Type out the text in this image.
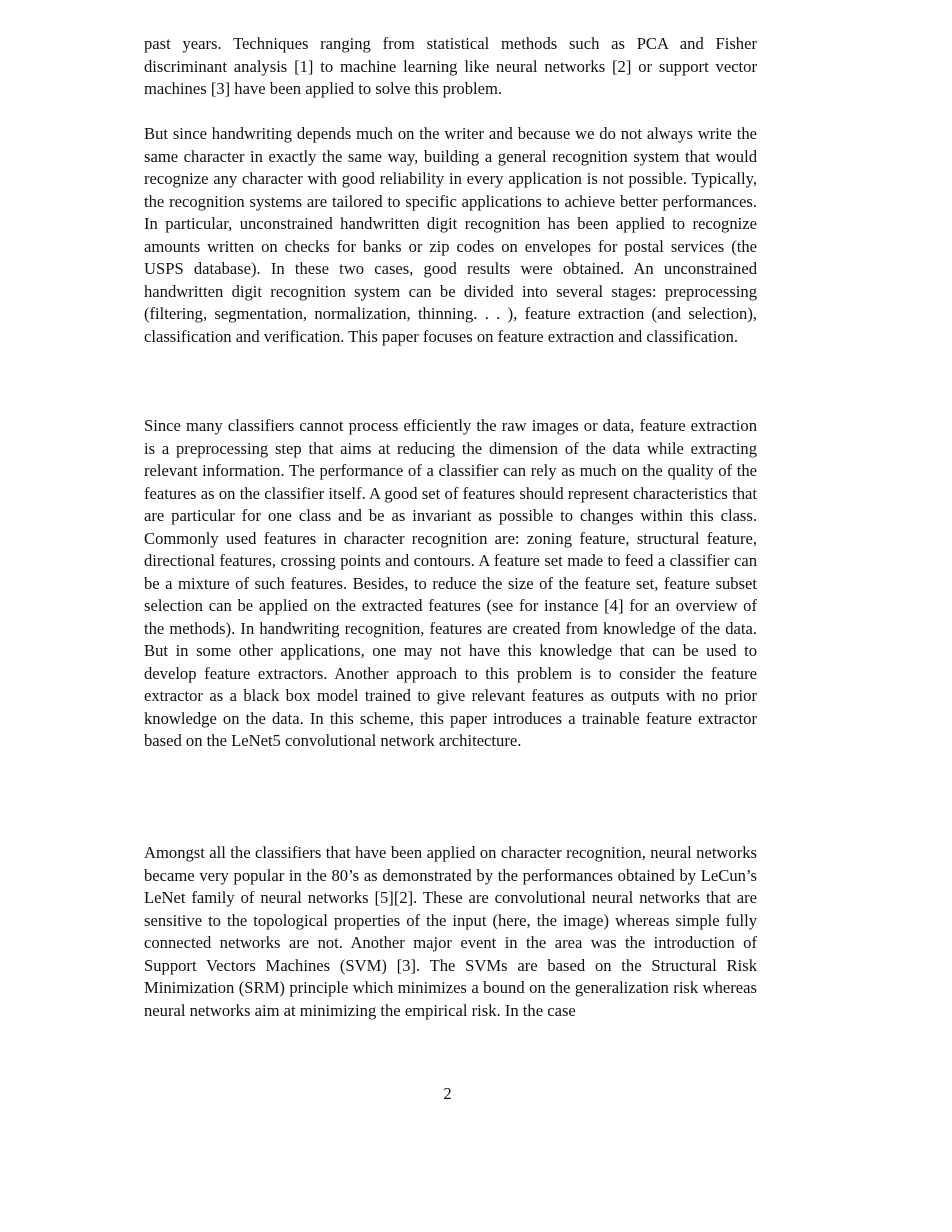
past years. Techniques ranging from statistical methods such as PCA and Fisher discriminant analysis [1] to machine learning like neural networks [2] or support vector machines [3] have been applied to solve this problem.

But since handwriting depends much on the writer and because we do not always write the same character in exactly the same way, building a general recognition system that would recognize any character with good reliability in every application is not possible. Typically, the recognition systems are tailored to specific applications to achieve better performances. In particular, unconstrained handwritten digit recognition has been applied to recognize amounts written on checks for banks or zip codes on envelopes for postal services (the USPS database). In these two cases, good results were obtained. An unconstrained handwritten digit recognition system can be divided into several stages: preprocessing (filtering, segmentation, normalization, thinning. . . ), feature extraction (and selection), classification and verification. This paper focuses on feature extraction and classification.

Since many classifiers cannot process efficiently the raw images or data, feature extraction is a preprocessing step that aims at reducing the dimension of the data while extracting relevant information. The performance of a classifier can rely as much on the quality of the features as on the classifier itself. A good set of features should represent characteristics that are particular for one class and be as invariant as possible to changes within this class. Commonly used features in character recognition are: zoning feature, structural feature, directional features, crossing points and contours. A feature set made to feed a classifier can be a mixture of such features. Besides, to reduce the size of the feature set, feature subset selection can be applied on the extracted features (see for instance [4] for an overview of the methods). In handwriting recognition, features are created from knowledge of the data. But in some other applications, one may not have this knowledge that can be used to develop feature extractors. Another approach to this problem is to consider the feature extractor as a black box model trained to give relevant features as outputs with no prior knowledge on the data. In this scheme, this paper introduces a trainable feature extractor based on the LeNet5 convolutional network architecture.

Amongst all the classifiers that have been applied on character recognition, neural networks became very popular in the 80’s as demonstrated by the performances obtained by LeCun’s LeNet family of neural networks [5][2]. These are convolutional neural networks that are sensitive to the topological properties of the input (here, the image) whereas simple fully connected networks are not. Another major event in the area was the introduction of Support Vectors Machines (SVM) [3]. The SVMs are based on the Structural Risk Minimization (SRM) principle which minimizes a bound on the generalization risk whereas neural networks aim at minimizing the empirical risk. In the case

2
